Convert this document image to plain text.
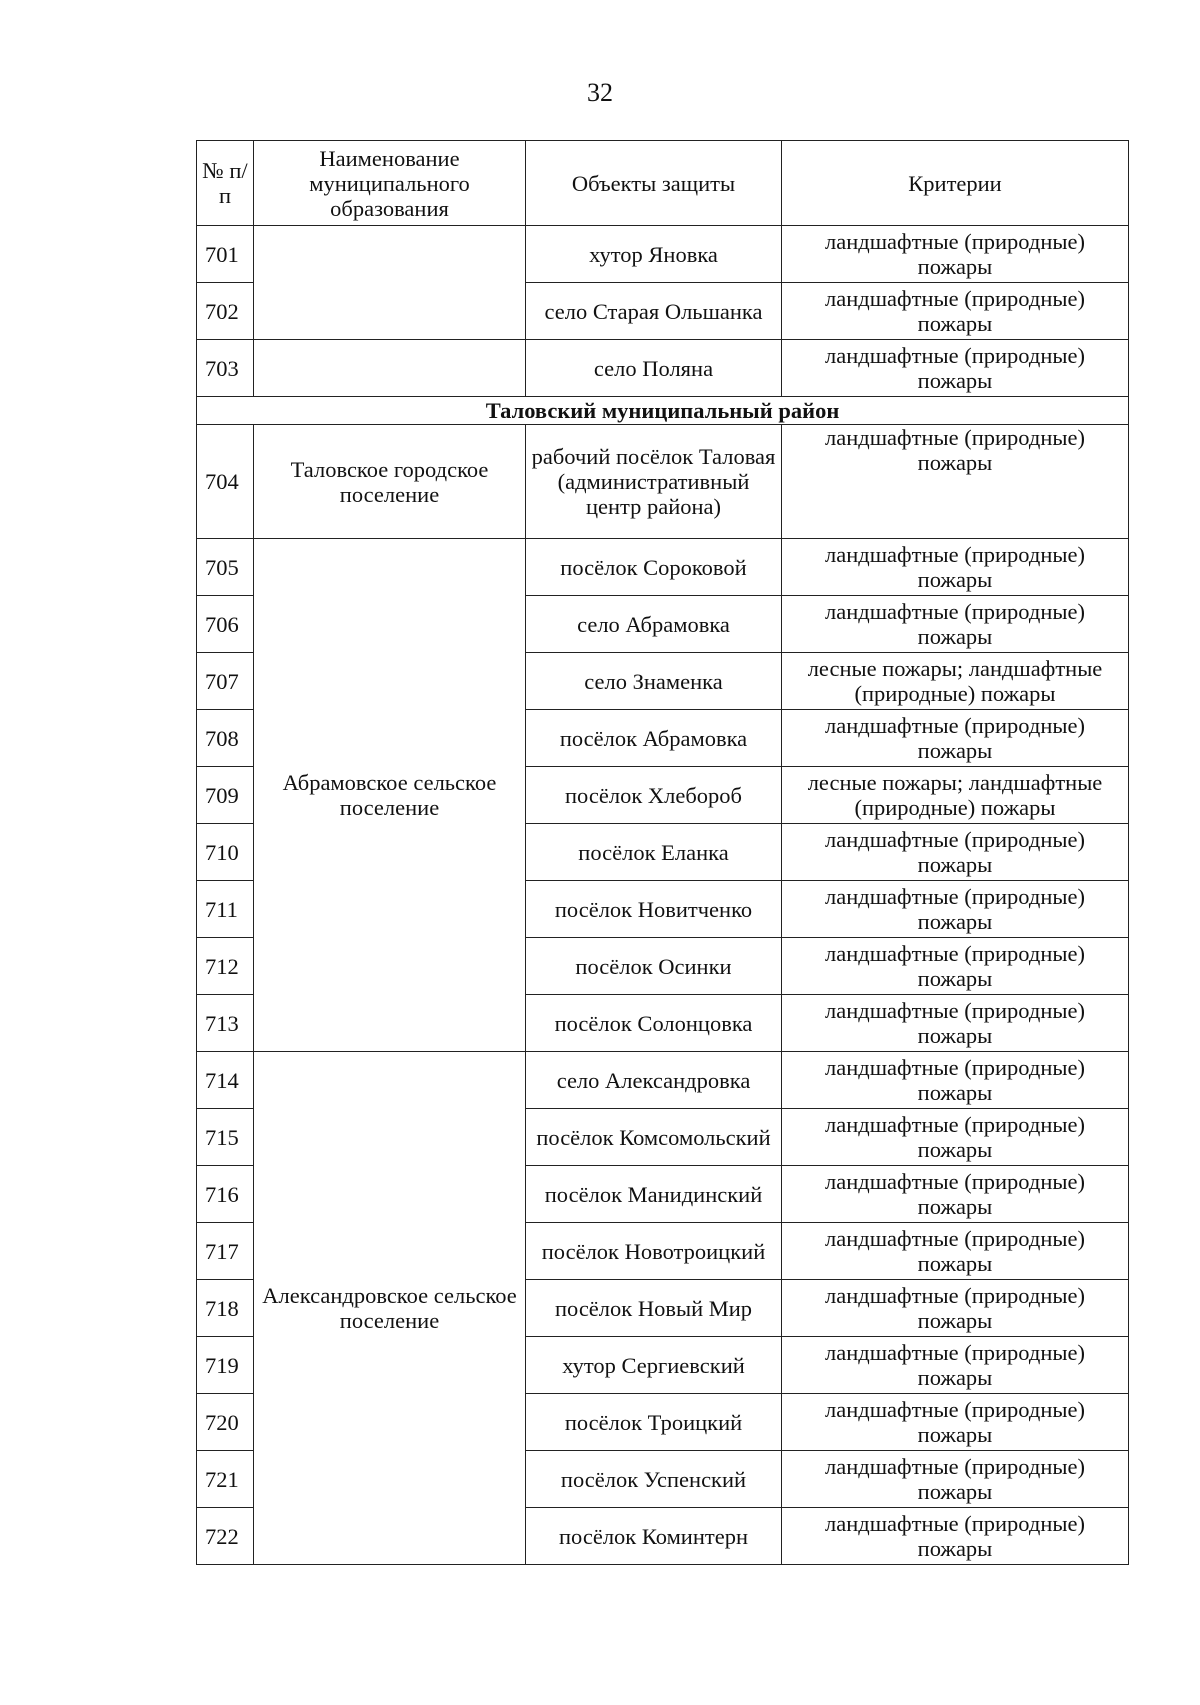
32
№ п/п	Наименование муниципального образования	Объекты защиты	Критерии
701		хутор Яновка	ландшафтные (природные) пожары
702		село Старая Ольшанка	ландшафтные (природные) пожары
703		село Поляна	ландшафтные (природные) пожары
Таловский муниципальный район			
704	Таловское городское поселение	рабочий посёлок Таловая (административный центр района)	ландшафтные (природные) пожары
705	Абрамовское сельское поселение	посёлок Сороковой	ландшафтные (природные) пожары
706		село Абрамовка	ландшафтные (природные) пожары
707		село Знаменка	лесные пожары; ландшафтные (природные) пожары
708		посёлок Абрамовка	ландшафтные (природные) пожары
709		посёлок Хлебороб	лесные пожары; ландшафтные (природные) пожары
710		посёлок Еланка	ландшафтные (природные) пожары
711		посёлок Новитченко	ландшафтные (природные) пожары
712		посёлок Осинки	ландшафтные (природные) пожары
713		посёлок Солонцовка	ландшафтные (природные) пожары
714	Александровское сельское поселение	село Александровка	ландшафтные (природные) пожары
715		посёлок Комсомольский	ландшафтные (природные) пожары
716		посёлок Манидинский	ландшафтные (природные) пожары
717		посёлок Новотроицкий	ландшафтные (природные) пожары
718		посёлок Новый Мир	ландшафтные (природные) пожары
719		хутор Сергиевский	ландшафтные (природные) пожары
720		посёлок Троицкий	ландшафтные (природные) пожары
721		посёлок Успенский	ландшафтные (природные) пожары
722		посёлок Коминтерн	ландшафтные (природные) пожары
